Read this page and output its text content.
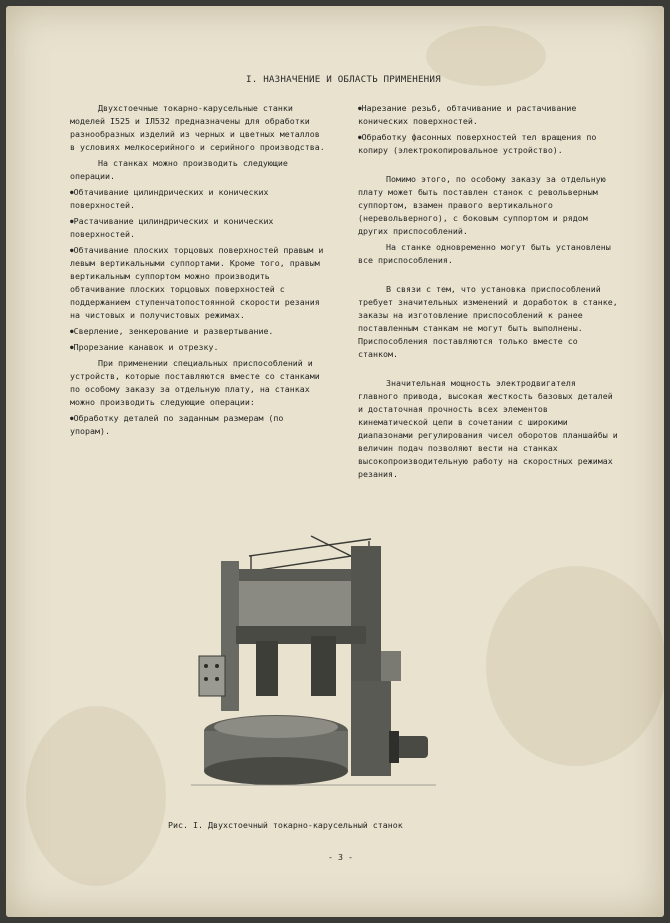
I. НАЗНАЧЕНИЕ И ОБЛАСТЬ ПРИМЕНЕНИЯ

Двухстоечные токарно-карусельные станки моделей I525 и IЛ532 предназначены для обработки разнообразных изделий из черных и цветных металлов в условиях мелкосерийного и серийного производства.

На станках можно производить следующие операции.

● Обтачивание цилиндрических и конических поверхностей.

● Растачивание цилиндрических и конических поверхностей.

● Обтачивание плоских торцовых поверхностей правым и левым вертикальными суппортами. Кроме того, правым вертикальным суппортом можно производить обтачивание плоских торцовых поверхностей с поддержанием ступенчатопостоянной скорости резания на чистовых и получистовых режимах.

● Сверление, зенкерование и развертывание.

● Прорезание канавок и отрезку.

При применении специальных приспособлений и устройств, которые поставляются вместе со станками по особому заказу за отдельную плату, на станках можно производить следующие операции:

● Обработку деталей по заданным размерам (по упорам).

● Нарезание резьб, обтачивание и растачивание конических поверхностей.

● Обработку фасонных поверхностей тел вращения по копиру (электрокопировальное устройство).

Помимо этого, по особому заказу за отдельную плату может быть поставлен станок с револьверным суппортом, взамен правого вертикального (неревольверного), с боковым суппортом и рядом других приспособлений.

На станке одновременно могут быть установлены все приспособления.

В связи с тем, что установка приспособлений требует значительных изменений и доработок в станке, заказы на изготовление приспособлений к ранее поставленным станкам не могут быть выполнены. Приспособления поставляются только вместе со станком.

Значительная мощность электродвигателя главного привода, высокая жесткость базовых деталей и достаточная прочность всех элементов кинематической цепи в сочетании с широкими диапазонами регулирования чисел оборотов планшайбы и величин подач позволяют вести на станках высокопроизводительную работу на скоростных режимах резания.

Рис. I. Двухстоечный токарно-карусельный станок
- 3 -
